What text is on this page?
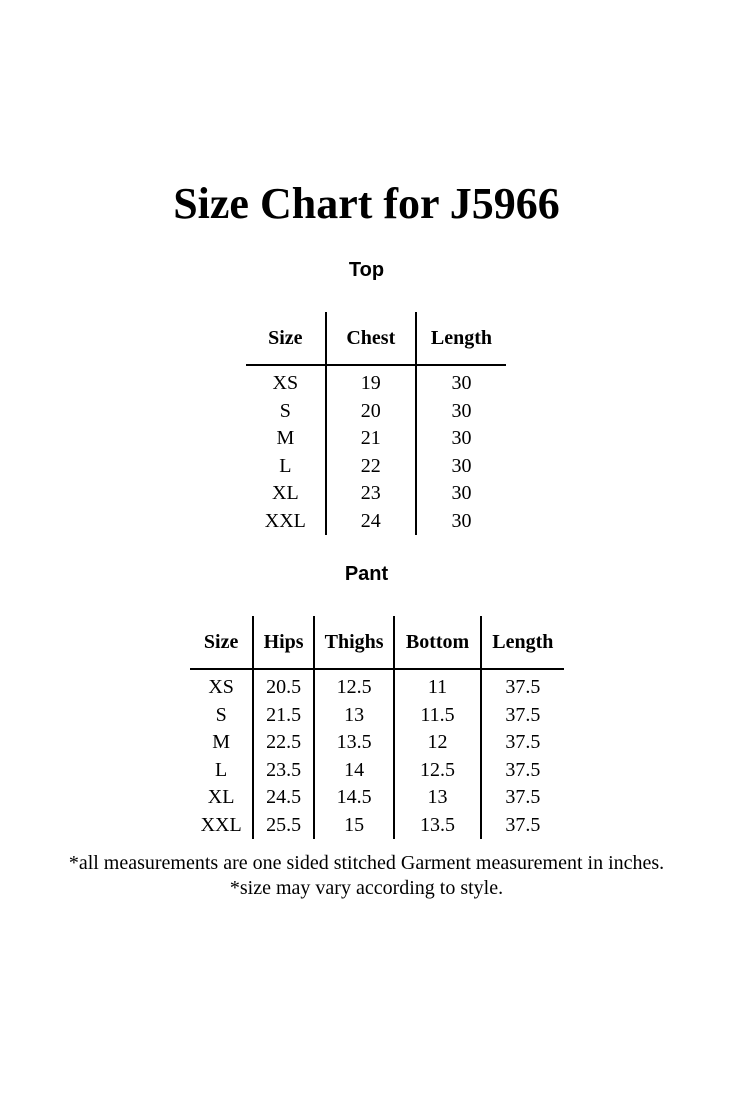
Size Chart for J5966
Top
Size	Chest	Length
XS	19	30
S	20	30
M	21	30
L	22	30
XL	23	30
XXL	24	30
Pant
Size	Hips	Thighs	Bottom	Length
XS	20.5	12.5	11	37.5
S	21.5	13	11.5	37.5
M	22.5	13.5	12	37.5
L	23.5	14	12.5	37.5
XL	24.5	14.5	13	37.5
XXL	25.5	15	13.5	37.5
*all measurements are one sided stitched Garment measurement in inches.
*size may vary according to style.
